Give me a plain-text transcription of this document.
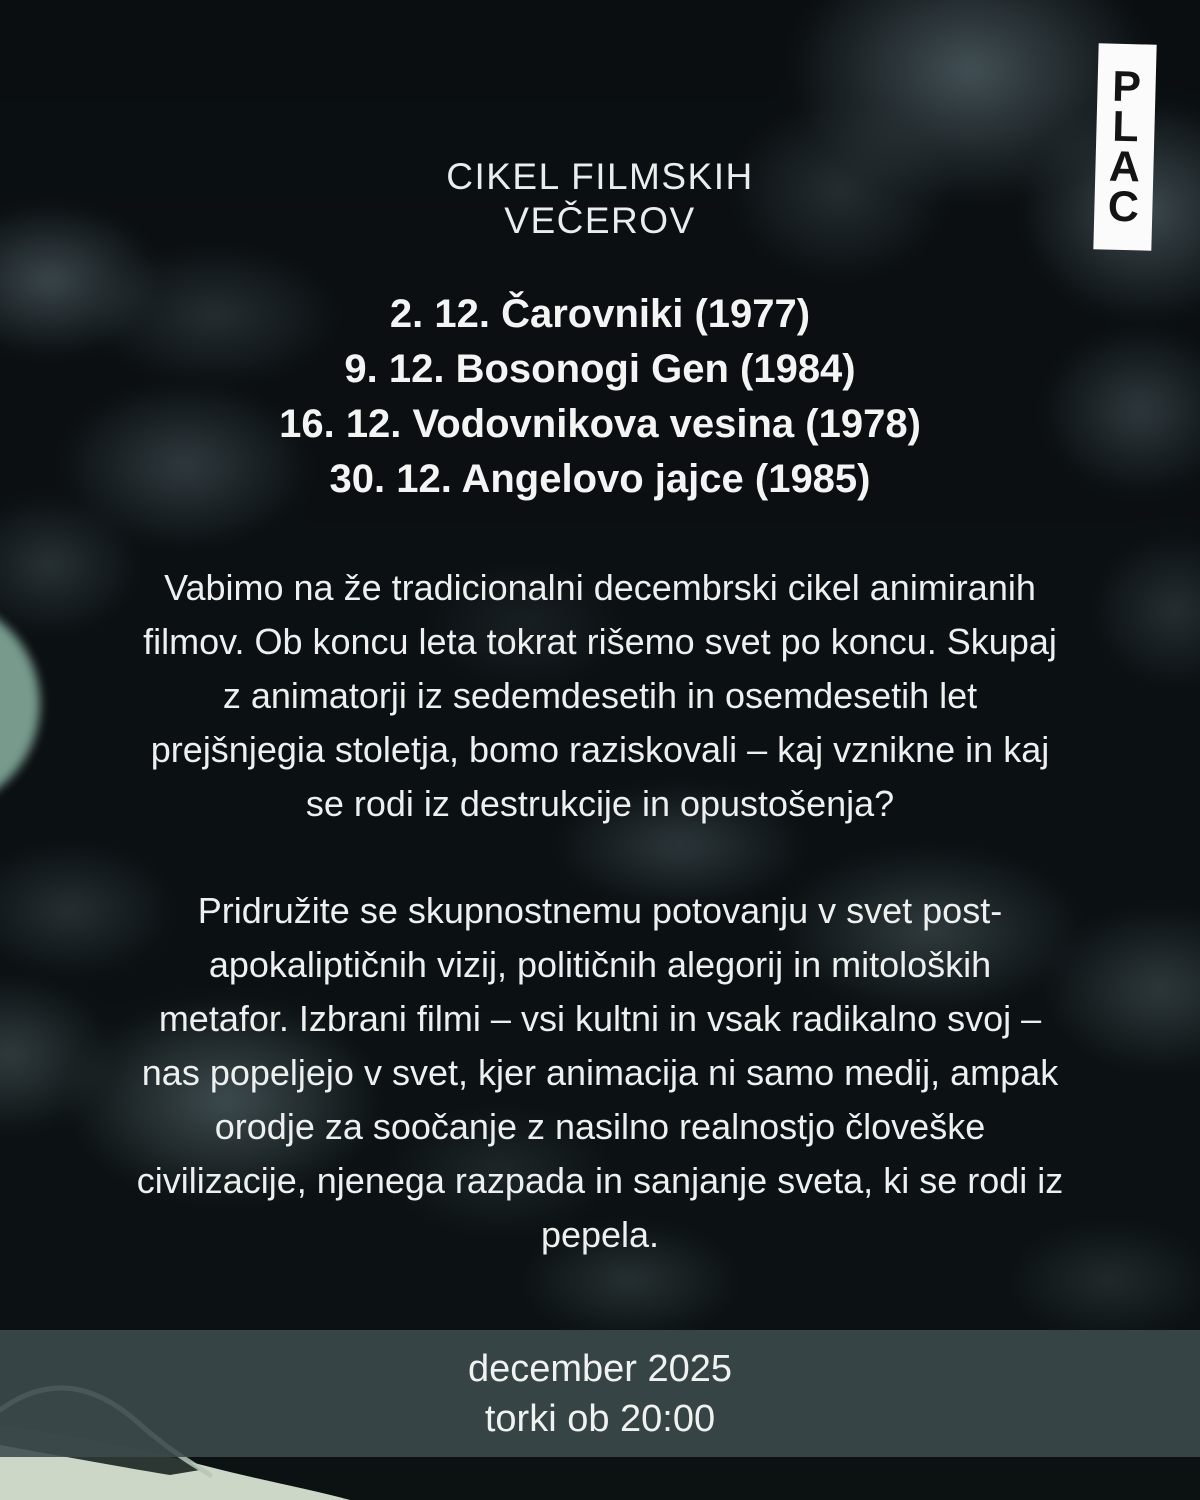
P
L
A
C
CIKEL FILMSKIH
VEČEROV
2. 12. Čarovniki (1977)
9. 12. Bosonogi Gen (1984)
16. 12. Vodovnikova vesina (1978)
30. 12. Angelovo jajce (1985)
Vabimo na že tradicionalni decembrski cikel animiranih
filmov. Ob koncu leta tokrat rišemo svet po koncu. Skupaj
z animatorji iz sedemdesetih in osemdesetih let
prejšnjegia stoletja, bomo raziskovali – kaj vznikne in kaj
se rodi iz destrukcije in opustošenja?
Pridružite se skupnostnemu potovanju v svet post-
apokaliptičnih vizij, političnih alegorij in mitoloških
metafor. Izbrani filmi – vsi kultni in vsak radikalno svoj –
nas popeljejo v svet, kjer animacija ni samo medij, ampak
orodje za soočanje z nasilno realnostjo človeške
civilizacije, njenega razpada in sanjanje sveta, ki se rodi iz
pepela.
december 2025
torki ob 20:00
